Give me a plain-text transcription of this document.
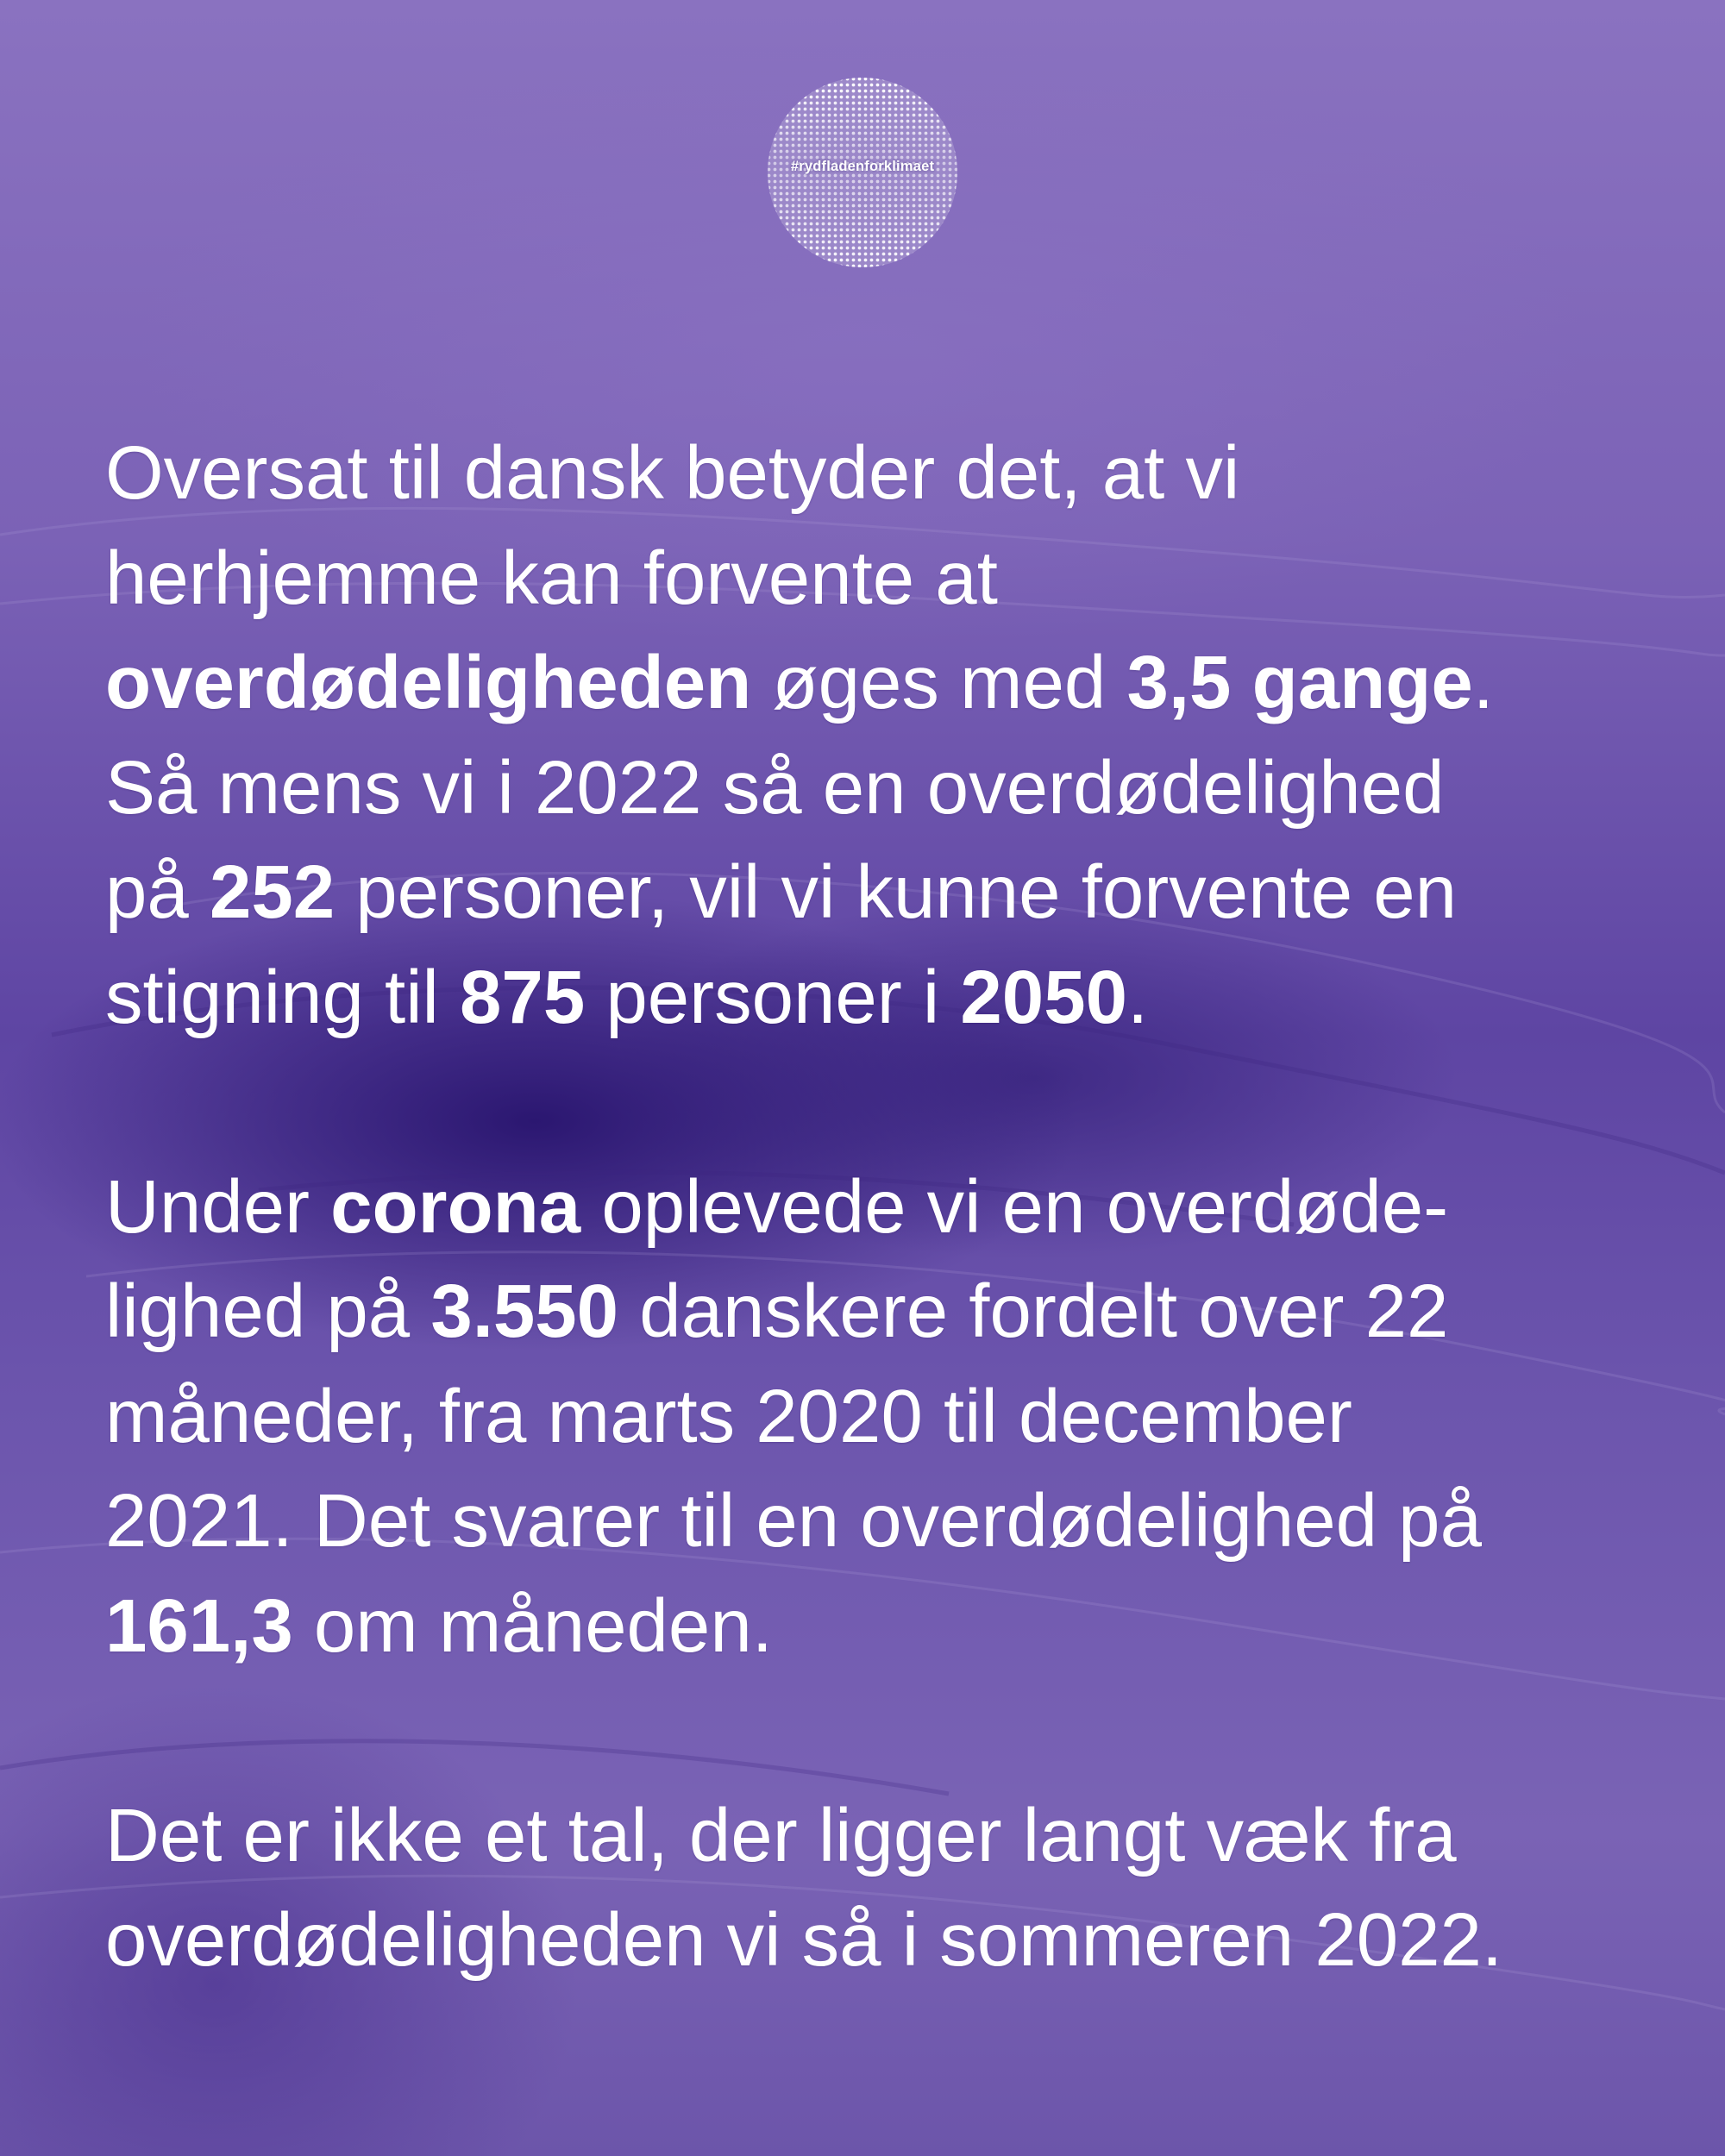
#rydfladenforklimaet

Oversat til dansk betyder det, at vi
herhjemme kan forvente at
overdødeligheden øges med 3,5 gange.
Så mens vi i 2022 så en overdødelighed
på 252 personer, vil vi kunne forvente en
stigning til 875 personer i 2050.

Under corona oplevede vi en overdøde-
lighed på 3.550 danskere fordelt over 22
måneder, fra marts 2020 til december
2021. Det svarer til en overdødelighed på
161,3 om måneden.

Det er ikke et tal, der ligger langt væk fra
overdødeligheden vi så i sommeren 2022.
